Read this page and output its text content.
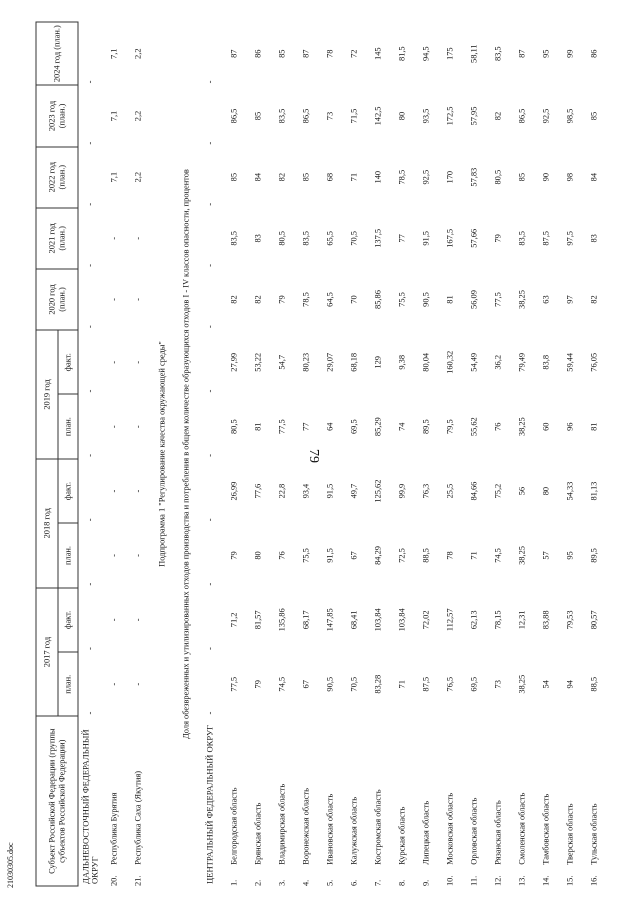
79
21030305.doc	Субъект Российской Федерации (группы субъектов Российской Федерации)		2017 год		2018 год		2019 год		2020 год (план.)	2021 год (план.)	2022 год (план.)	2023 год (план.)	2024 год (план.)
		план.	факт.	план.	факт.	план.	факт.					
ДАЛЬНЕВОСТОЧНЫЙ ФЕДЕРАЛЬНЫЙ ОКРУГ		-	-	-	-	-	-	-	-	-	-	-
20.	Республика Бурятия	-	-	-	-	-	-	-	-	7,1	7,1	7,1
21.	Республика Саха (Якутия)	-	-	-	-	-	-	-	-	2,2	2,2	2,2
Подпрограмма 1 "Регулирование качества окружающей среды"												
Доля обезвреженных и утилизированных отходов производства и потребления в общем количестве образующихся отходов I - IV классов опасности, процентов												
ЦЕНТРАЛЬНЫЙ ФЕДЕРАЛЬНЫЙ ОКРУГ		-	-	-	-	-	-	-	-	-	-	-
1.	Белгородская область	77,5	71,2	79	26,99	80,5	27,99	82	83,5	85	86,5	87
2.	Брянская область	79	81,57	80	77,6	81	53,22	82	83	84	85	86
3.	Владимирская область	74,5	135,86	76	22,8	77,5	54,7	79	80,5	82	83,5	85
4.	Воронежская область	67	68,17	75,5	93,4	77	80,23	78,5	83,5	85	86,5	87
5.	Ивановская область	90,5	147,85	91,5	91,5	64	29,07	64,5	65,5	68	73	78
6.	Калужская область	70,5	68,41	67	49,7	69,5	68,18	70	70,5	71	71,5	72
7.	Костромская область	83,28	103,84	84,29	125,62	85,29	129	85,86	137,5	140	142,5	145
8.	Курская область	71	103,84	72,5	99,9	74	9,38	75,5	77	78,5	80	81,5
9.	Липецкая область	87,5	72,02	88,5	76,3	89,5	80,04	90,5	91,5	92,5	93,5	94,5
10.	Московская область	76,5	112,57	78	25,5	79,5	160,32	81	167,5	170	172,5	175
11.	Орловская область	69,5	62,13	71	84,66	55,62	54,49	56,09	57,66	57,83	57,95	58,11
12.	Рязанская область	73	78,15	74,5	75,2	76	36,2	77,5	79	80,5	82	83,5
13.	Смоленская область	38,25	12,31	38,25	56	38,25	79,49	38,25	83,5	85	86,5	87
14.	Тамбовская область	54	83,88	57	80	60	83,8	63	87,5	90	92,5	95
15.	Тверская область	94	79,53	95	54,33	96	59,44	97	97,5	98	98,5	99
16.	Тульская область	88,5	80,57	89,5	81,13	81	76,05	82	83	84	85	86
